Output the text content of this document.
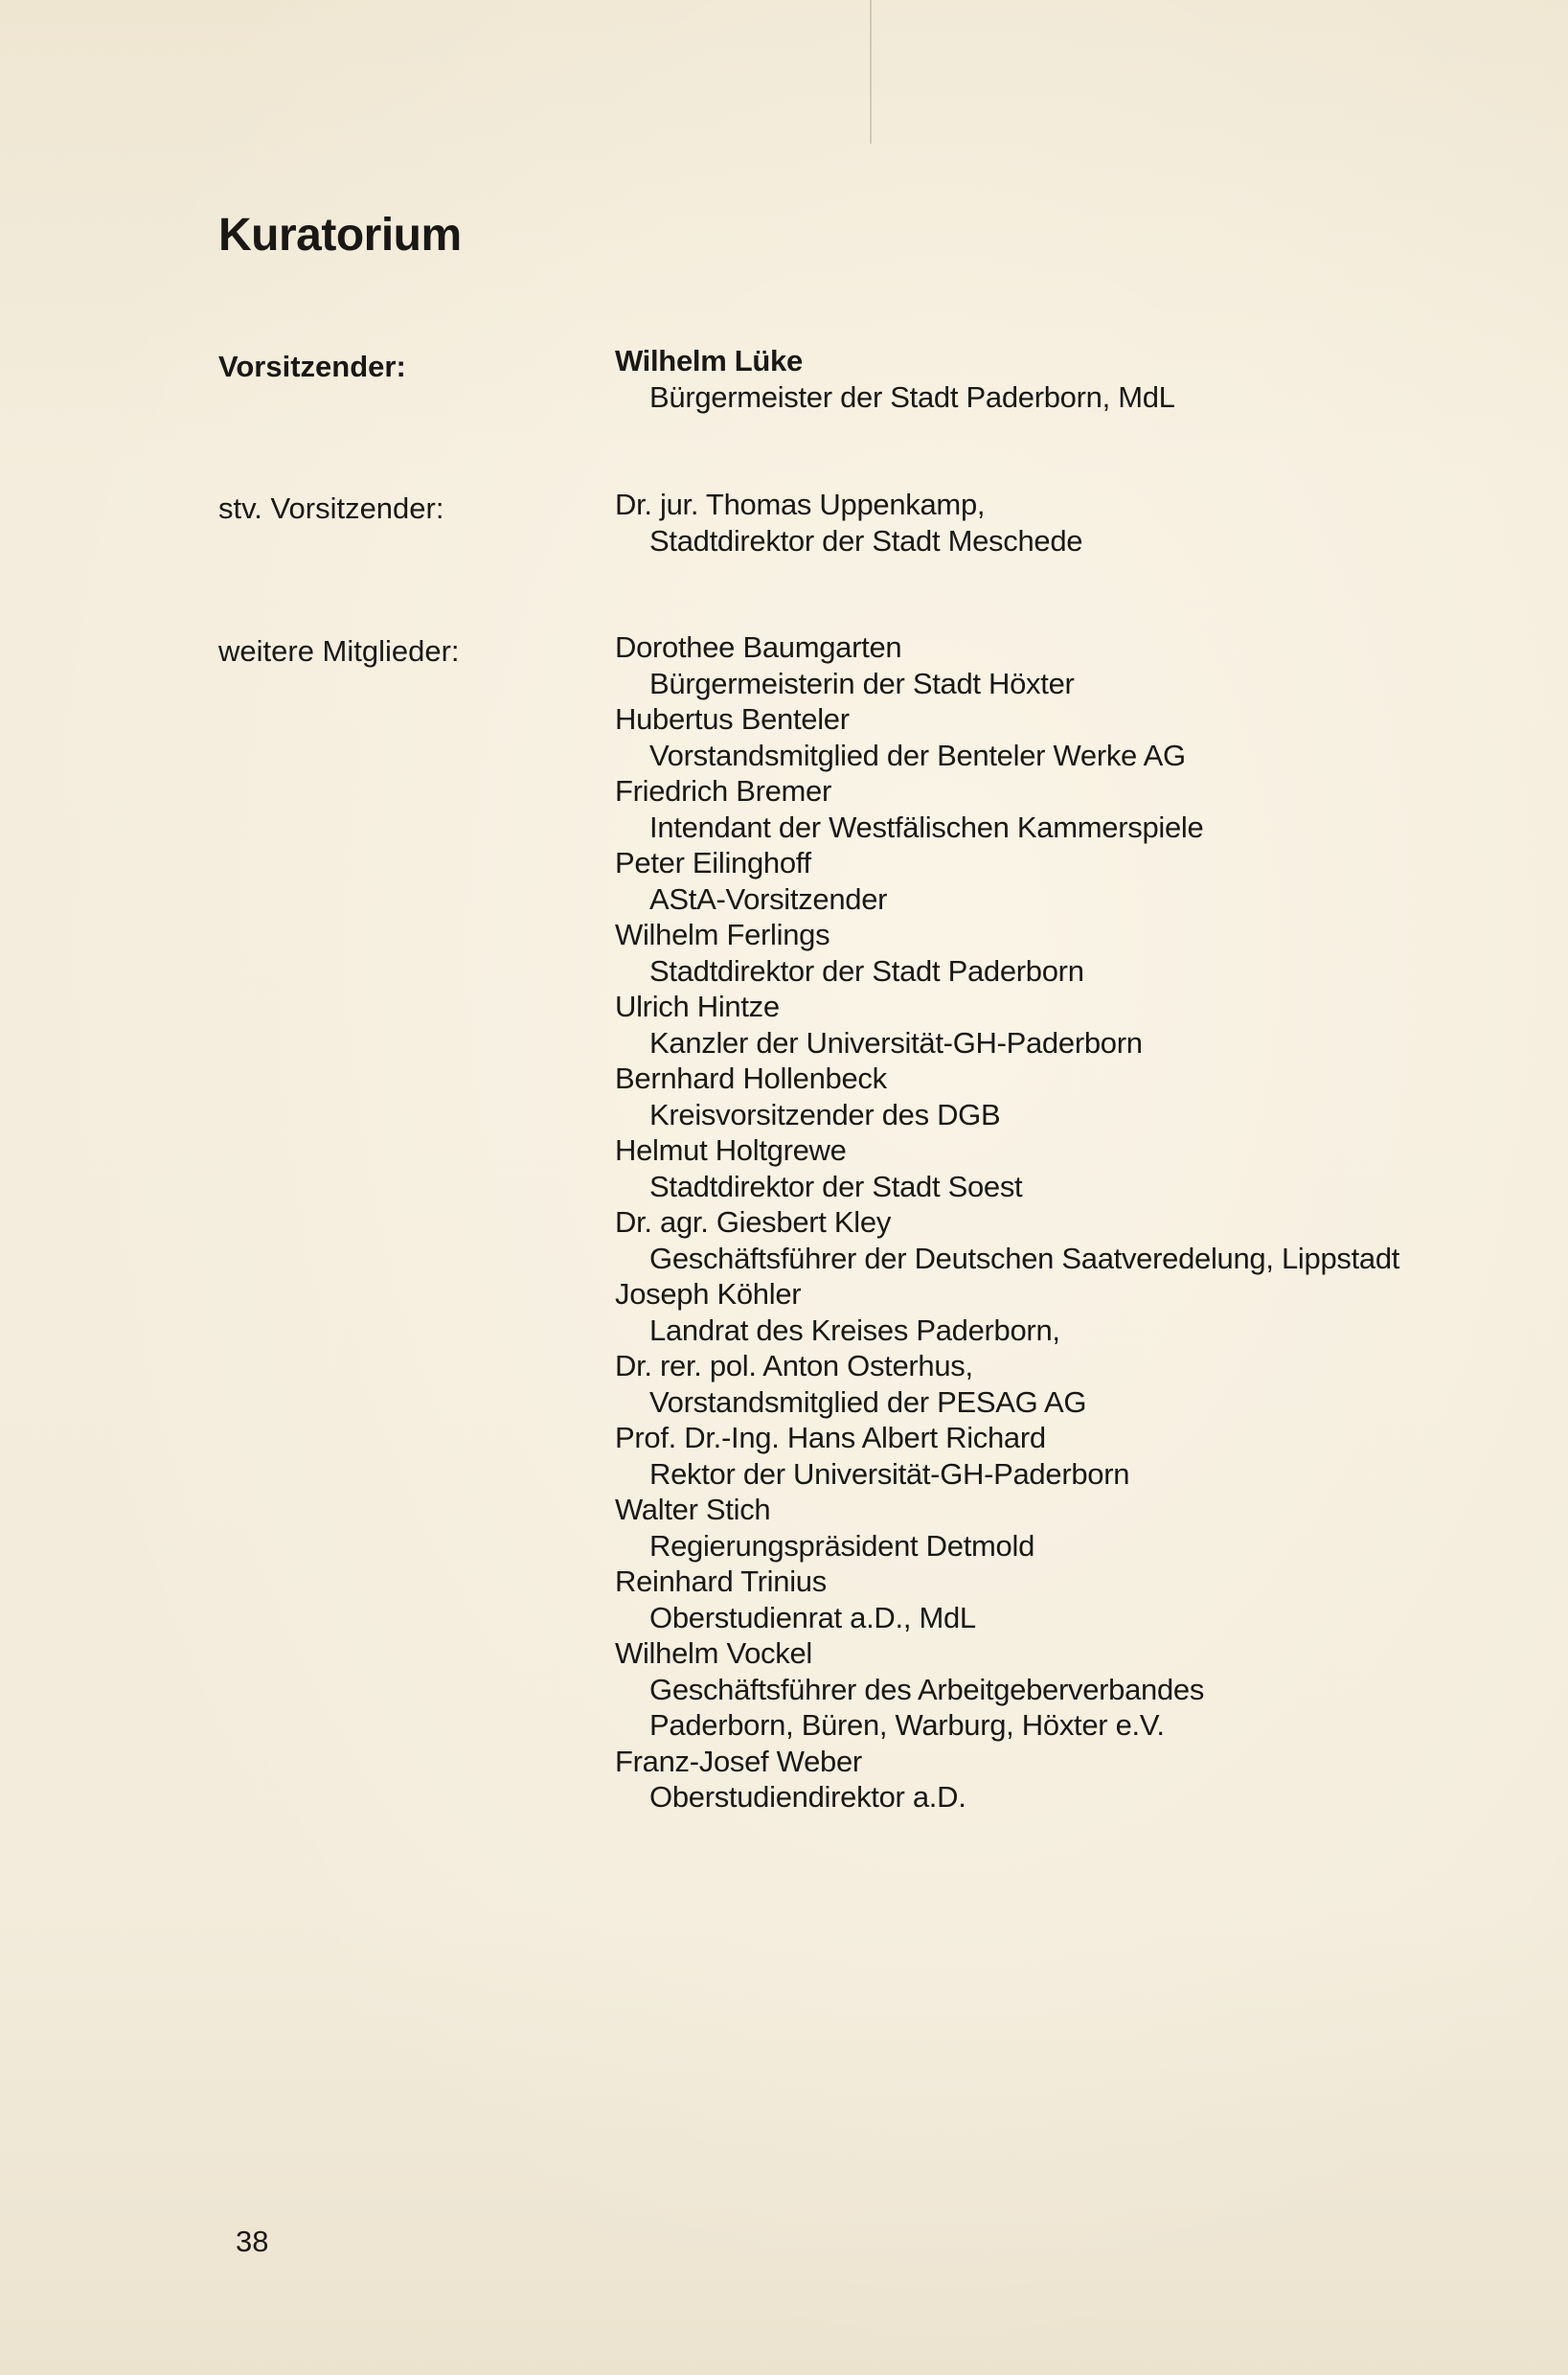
Kuratorium
Vorsitzender:	Wilhelm Lüke

Bürgermeister der Stadt Paderborn, MdL

stv. Vorsitzender:	Dr. jur. Thomas Uppenkamp,

Stadtdirektor der Stadt Meschede

weitere Mitglieder:	Dorothee Baumgarten

Bürgermeisterin der Stadt Höxter

Hubertus Benteler

Vorstandsmitglied der Benteler Werke AG

Friedrich Bremer

Intendant der Westfälischen Kammerspiele

Peter Eilinghoff

AStA-Vorsitzender

Wilhelm Ferlings

Stadtdirektor der Stadt Paderborn

Ulrich Hintze

Kanzler der Universität-GH-Paderborn

Bernhard Hollenbeck

Kreisvorsitzender des DGB

Helmut Holtgrewe

Stadtdirektor der Stadt Soest

Dr. agr. Giesbert Kley

Geschäftsführer der Deutschen Saatveredelung, Lippstadt

Joseph Köhler

Landrat des Kreises Paderborn,

Dr. rer. pol. Anton Osterhus,

Vorstandsmitglied der PESAG AG

Prof. Dr.-Ing. Hans Albert Richard

Rektor der Universität-GH-Paderborn

Walter Stich

Regierungspräsident Detmold

Reinhard Trinius

Oberstudienrat a.D., MdL

Wilhelm Vockel

Geschäftsführer des Arbeitgeberverbandes

Paderborn, Büren, Warburg, Höxter e.V.

Franz-Josef Weber

Oberstudiendirektor a.D.

38
